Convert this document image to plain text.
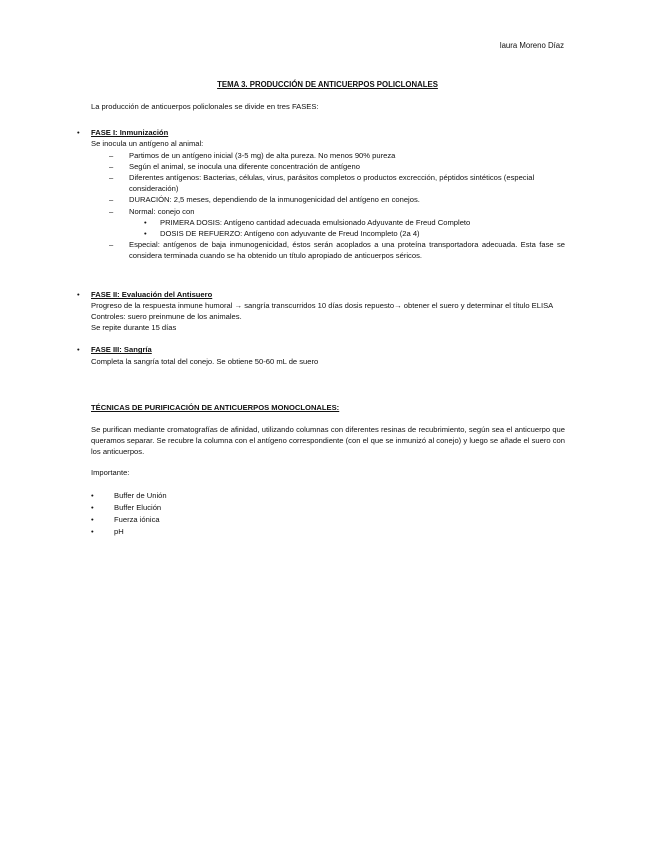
laura Moreno Díaz
TEMA 3. PRODUCCIÓN DE ANTICUERPOS POLICLONALES

La producción de anticuerpos policlonales se divide en tres FASES:

• FASE I: Inmunización

Se inocula un antígeno al animal:

– Partimos de un antígeno inicial (3-5 mg) de alta pureza. No menos 90% pureza
– Según el animal, se inocula una diferente concentración de antígeno
– Diferentes antígenos: Bacterias, células, virus, parásitos completos o productos excrección, péptidos sintéticos (especial consideración)
– DURACIÓN: 2,5 meses, dependiendo de la inmunogenicidad del antígeno en conejos.
– Normal: conejo con
• PRIMERA DOSIS: Antígeno cantidad adecuada emulsionado Adyuvante de Freud Completo
• DOSIS DE REFUERZO: Antígeno con adyuvante de Freud Incompleto (2a 4)
– Especial: antígenos de baja inmunogenicidad, éstos serán acoplados a una proteína transportadora adecuada. Esta fase se considera terminada cuando se ha obtenido un título apropiado de anticuerpos séricos.
• FASE II: Evaluación del Antisuero

Progreso de la respuesta inmune humoral → sangría transcurridos 10 días dosis repuesto→ obtener el suero y determinar el título ELISA

Controles: suero preinmune de los animales.

Se repite durante 15 días

• FASE III: Sangría

Completa la sangría total del conejo. Se obtiene 50-60 mL de suero

TÉCNICAS DE PURIFICACIÓN DE ANTICUERPOS MONOCLONALES:

Se purifican mediante cromatografías de afinidad, utilizando columnas con diferentes resinas de recubrimiento, según sea el anticuerpo que queramos separar. Se recubre la columna con el antígeno correspondiente (con el que se inmunizó al conejo) y luego se añade el suero con los anticuerpos.

Importante:

•	Buffer de Unión
•	Buffer Elución
•	Fuerza iónica
•	pH
